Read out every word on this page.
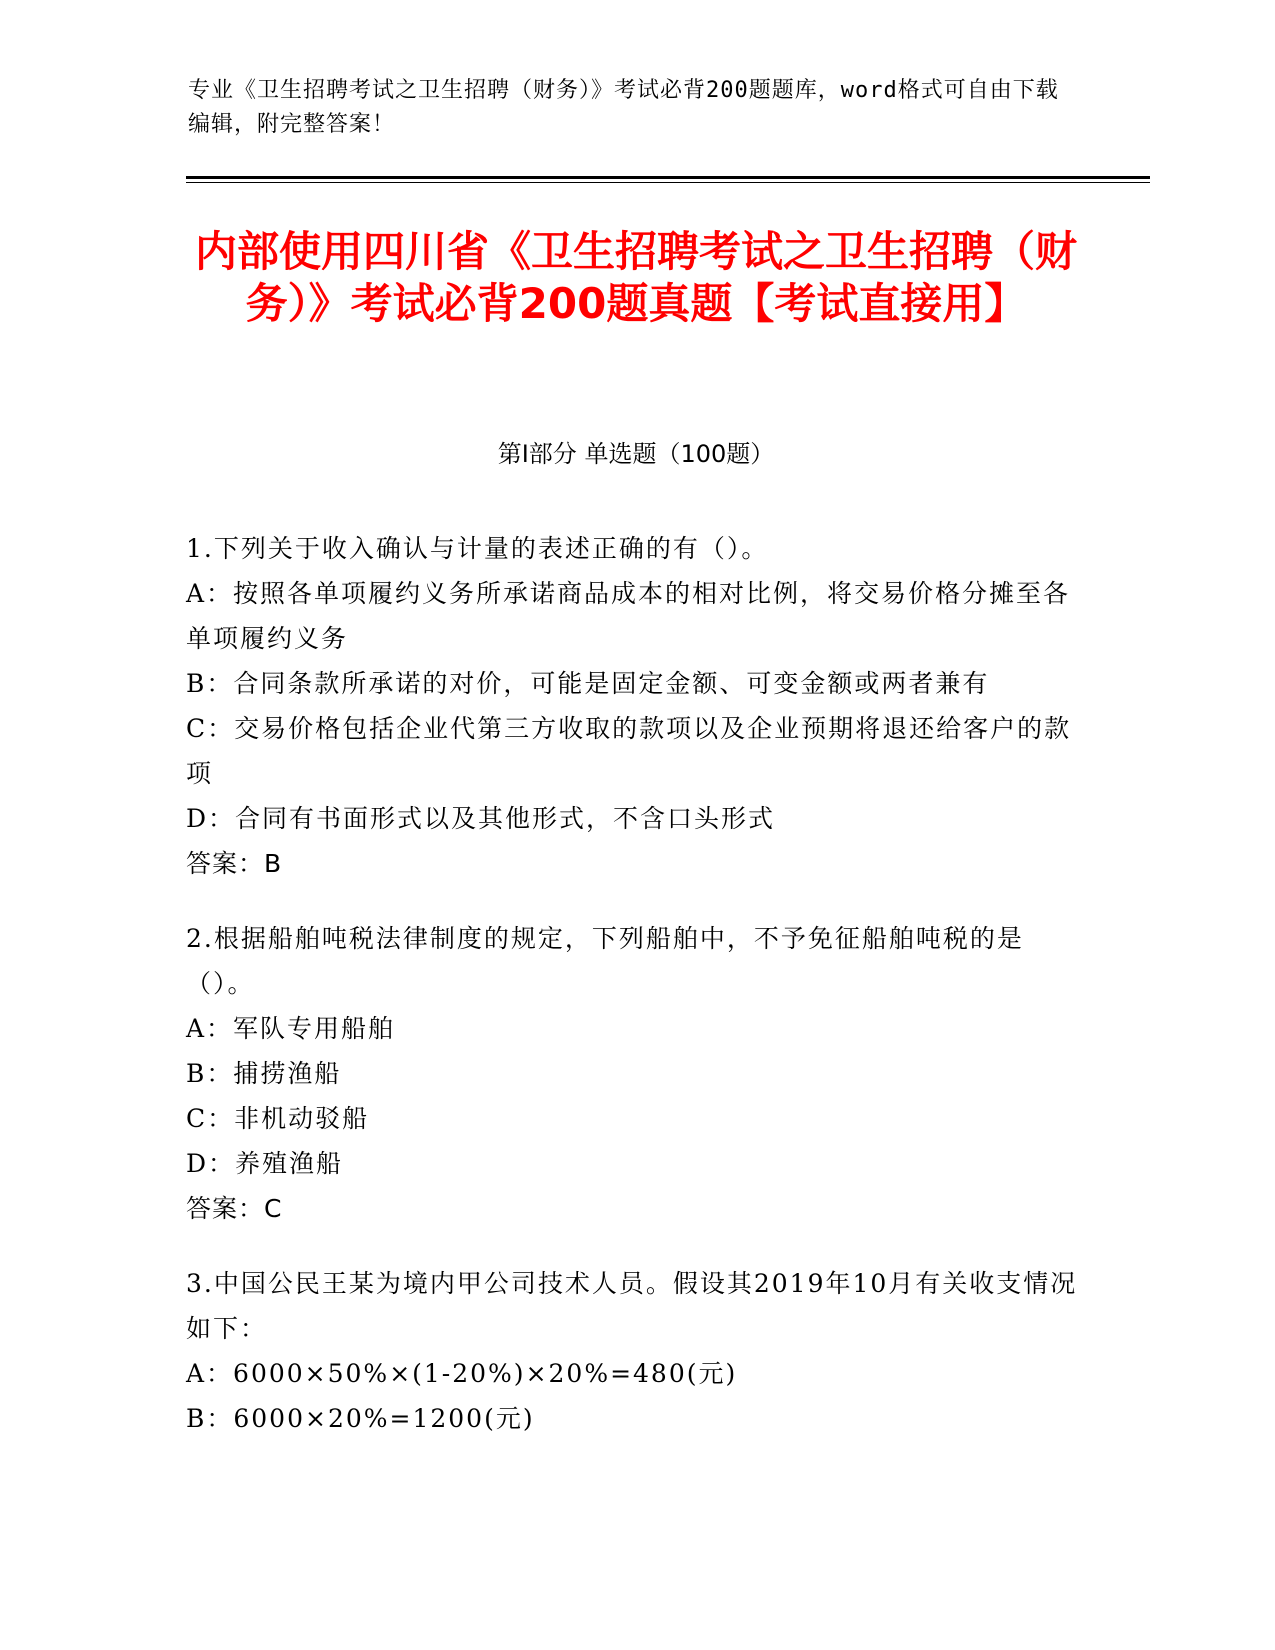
专业《卫生招聘考试之卫生招聘（财务）》考试必背200题题库，word格式可自由下载编辑，附完整答案！
内部使用四川省《卫生招聘考试之卫生招聘（财务）》考试必背200题真题【考试直接用】
第I部分 单选题（100题）

1.下列关于收入确认与计量的表述正确的有（）。

A：按照各单项履约义务所承诺商品成本的相对比例，将交易价格分摊至各单项履约义务

B：合同条款所承诺的对价，可能是固定金额、可变金额或两者兼有

C：交易价格包括企业代第三方收取的款项以及企业预期将退还给客户的款项

D：合同有书面形式以及其他形式，不含口头形式

答案：B

2.根据船舶吨税法律制度的规定，下列船舶中，不予免征船舶吨税的是（）。

A：军队专用船舶

B：捕捞渔船

C：非机动驳船

D：养殖渔船

答案：C

3.中国公民王某为境内甲公司技术人员。假设其2019年10月有关收支情况如下：

A：6000×50%×(1-20%)×20%=480(元)

B：6000×20%=1200(元)
